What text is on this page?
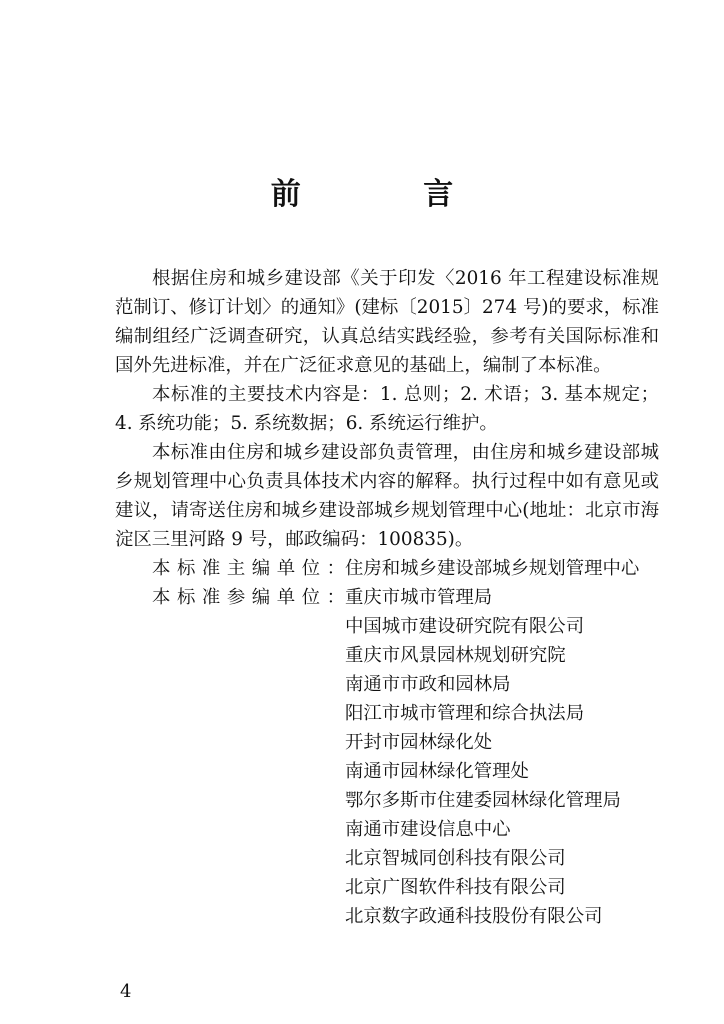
前 言

根据住房和城乡建设部《关于印发〈2016 年工程建设标准规范制订、修订计划〉的通知》(建标〔2015〕274 号)的要求，标准编制组经广泛调查研究，认真总结实践经验，参考有关国际标准和国外先进标准，并在广泛征求意见的基础上，编制了本标准。

本标准的主要技术内容是：1. 总则；2. 术语；3. 基本规定；4. 系统功能；5. 系统数据；6. 系统运行维护。

本标准由住房和城乡建设部负责管理，由住房和城乡建设部城乡规划管理中心负责具体技术内容的解释。执行过程中如有意见或建议，请寄送住房和城乡建设部城乡规划管理中心(地址：北京市海淀区三里河路 9 号，邮政编码：100835)。

本标准主编单位： 住房和城乡建设部城乡规划管理中心
本标准参编单位： 重庆市城市管理局
中国城市建设研究院有限公司
重庆市风景园林规划研究院
南通市市政和园林局
阳江市城市管理和综合执法局
开封市园林绿化处
南通市园林绿化管理处
鄂尔多斯市住建委园林绿化管理局
南通市建设信息中心
北京智城同创科技有限公司
北京广图软件科技有限公司
北京数字政通科技股份有限公司
4
